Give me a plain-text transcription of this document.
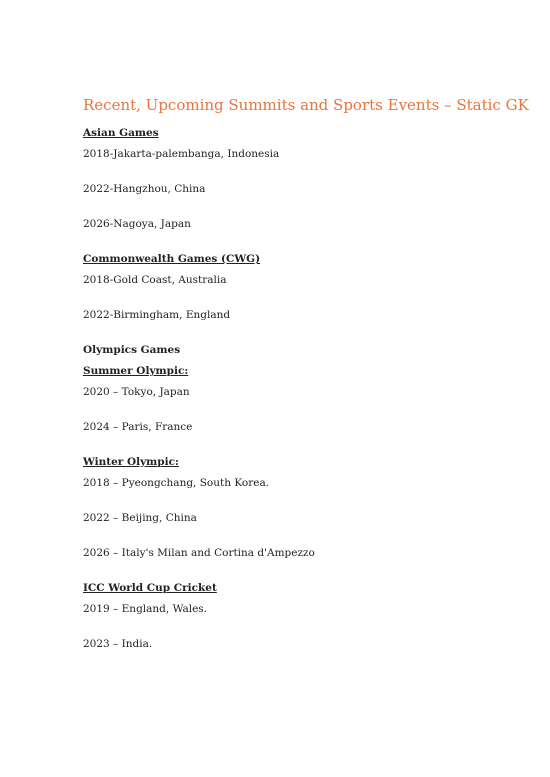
Recent, Upcoming Summits and Sports Events – Static GK
Asian Games
2018-Jakarta-palembanga, Indonesia
2022-Hangzhou, China
2026-Nagoya, Japan
Commonwealth Games (CWG)
2018-Gold Coast, Australia
2022-Birmingham, England
Olympics Games
Summer Olympic:
2020 – Tokyo, Japan
2024 – Paris, France
Winter Olympic:
2018 – Pyeongchang, South Korea.
2022 – Beijing, China
2026 – Italy's Milan and Cortina d'Ampezzo
ICC World Cup Cricket
2019 – England, Wales.
2023 – India.
